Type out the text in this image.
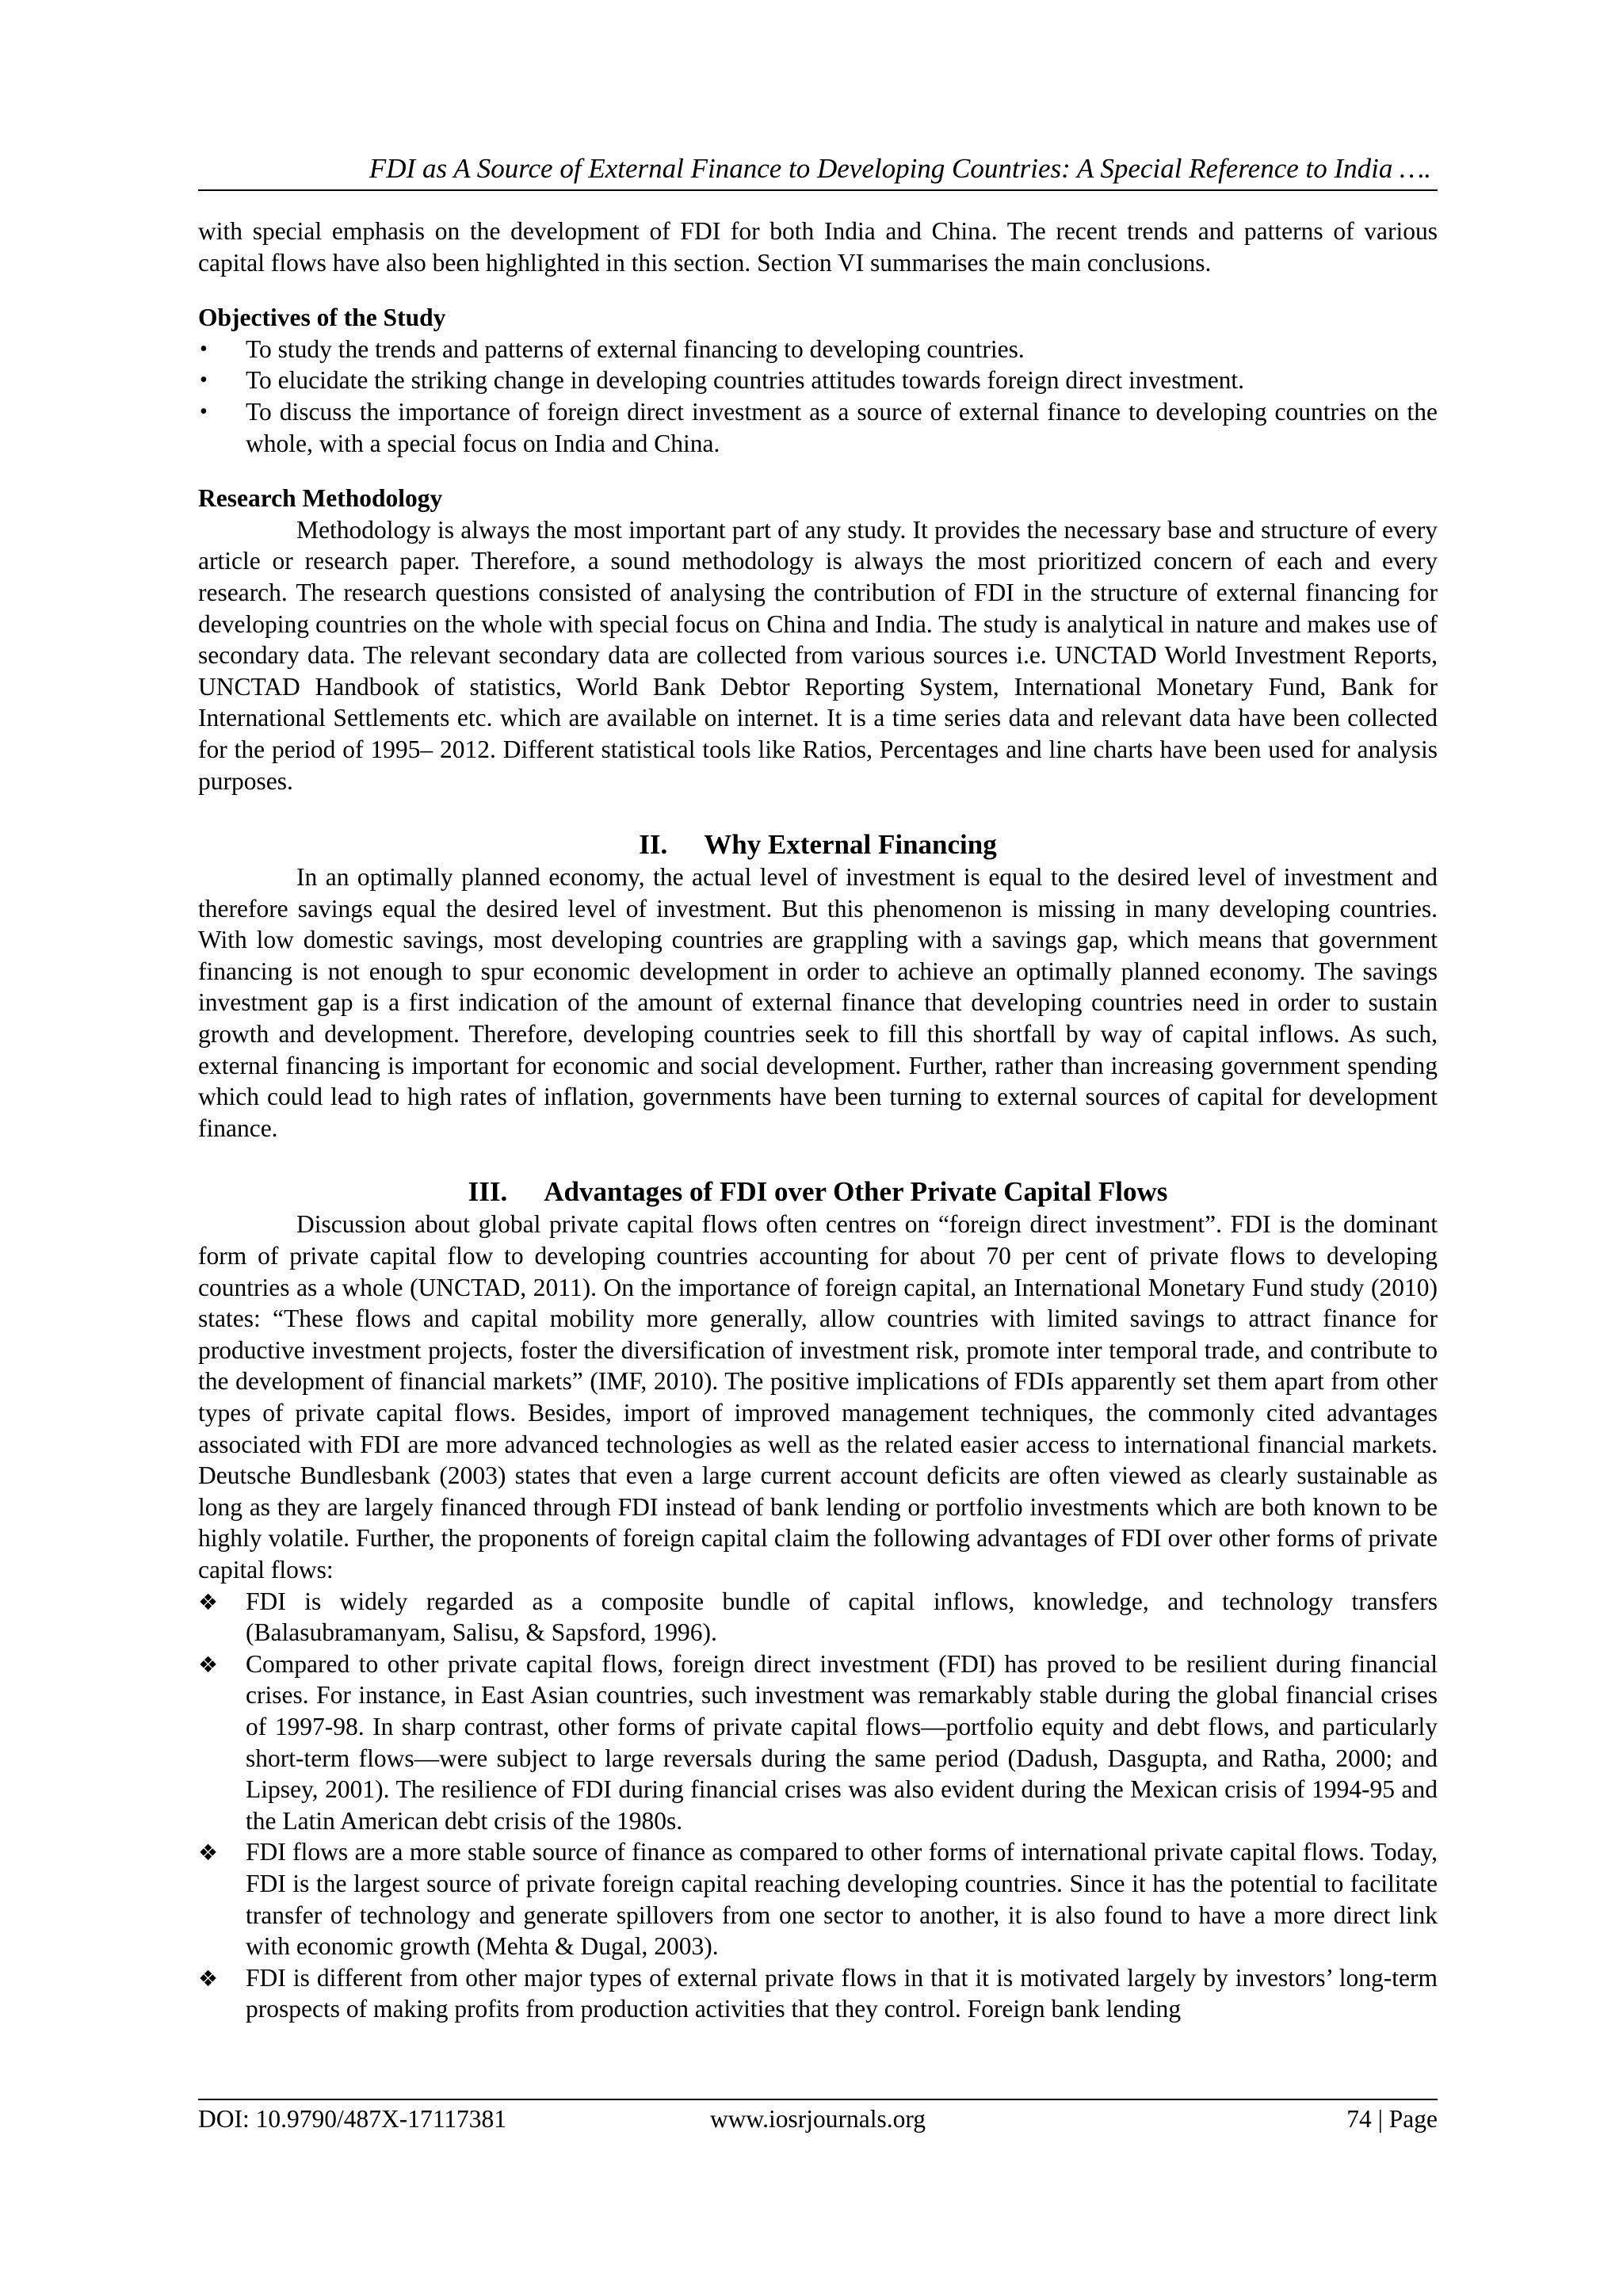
FDI as A Source of External Finance to Developing Countries: A Special Reference to India ….

with special emphasis on the development of FDI for both India and China. The recent trends and patterns of various capital flows have also been highlighted in this section. Section VI summarises the main conclusions.

Objectives of the Study

• To study the trends and patterns of external financing to developing countries.
• To elucidate the striking change in developing countries attitudes towards foreign direct investment.
• To discuss the importance of foreign direct investment as a source of external finance to developing countries on the whole, with a special focus on India and China.

Research Methodology

Methodology is always the most important part of any study. It provides the necessary base and structure of every article or research paper. Therefore, a sound methodology is always the most prioritized concern of each and every research. The research questions consisted of analysing the contribution of FDI in the structure of external financing for developing countries on the whole with special focus on China and India. The study is analytical in nature and makes use of secondary data. The relevant secondary data are collected from various sources i.e. UNCTAD World Investment Reports, UNCTAD Handbook of statistics, World Bank Debtor Reporting System, International Monetary Fund, Bank for International Settlements etc. which are available on internet. It is a time series data and relevant data have been collected for the period of 1995– 2012. Different statistical tools like Ratios, Percentages and line charts have been used for analysis purposes.

II. Why External Financing

In an optimally planned economy, the actual level of investment is equal to the desired level of investment and therefore savings equal the desired level of investment. But this phenomenon is missing in many developing countries. With low domestic savings, most developing countries are grappling with a savings gap, which means that government financing is not enough to spur economic development in order to achieve an optimally planned economy. The savings investment gap is a first indication of the amount of external finance that developing countries need in order to sustain growth and development. Therefore, developing countries seek to fill this shortfall by way of capital inflows. As such, external financing is important for economic and social development. Further, rather than increasing government spending which could lead to high rates of inflation, governments have been turning to external sources of capital for development finance.

III. Advantages of FDI over Other Private Capital Flows

Discussion about global private capital flows often centres on “foreign direct investment”. FDI is the dominant form of private capital flow to developing countries accounting for about 70 per cent of private flows to developing countries as a whole (UNCTAD, 2011). On the importance of foreign capital, an International Monetary Fund study (2010) states: “These flows and capital mobility more generally, allow countries with limited savings to attract finance for productive investment projects, foster the diversification of investment risk, promote inter temporal trade, and contribute to the development of financial markets” (IMF, 2010). The positive implications of FDIs apparently set them apart from other types of private capital flows. Besides, import of improved management techniques, the commonly cited advantages associated with FDI are more advanced technologies as well as the related easier access to international financial markets. Deutsche Bundlesbank (2003) states that even a large current account deficits are often viewed as clearly sustainable as long as they are largely financed through FDI instead of bank lending or portfolio investments which are both known to be highly volatile. Further, the proponents of foreign capital claim the following advantages of FDI over other forms of private capital flows:

❖ FDI is widely regarded as a composite bundle of capital inflows, knowledge, and technology transfers (Balasubramanyam, Salisu, & Sapsford, 1996).
❖ Compared to other private capital flows, foreign direct investment (FDI) has proved to be resilient during financial crises. For instance, in East Asian countries, such investment was remarkably stable during the global financial crises of 1997-98. In sharp contrast, other forms of private capital flows—portfolio equity and debt flows, and particularly short-term flows—were subject to large reversals during the same period (Dadush, Dasgupta, and Ratha, 2000; and Lipsey, 2001). The resilience of FDI during financial crises was also evident during the Mexican crisis of 1994-95 and the Latin American debt crisis of the 1980s.
❖ FDI flows are a more stable source of finance as compared to other forms of international private capital flows. Today, FDI is the largest source of private foreign capital reaching developing countries. Since it has the potential to facilitate transfer of technology and generate spillovers from one sector to another, it is also found to have a more direct link with economic growth (Mehta & Dugal, 2003).
❖ FDI is different from other major types of external private flows in that it is motivated largely by investors’ long-term prospects of making profits from production activities that they control. Foreign bank lending
DOI: 10.9790/487X-17117381	www.iosrjournals.org	74 | Page
